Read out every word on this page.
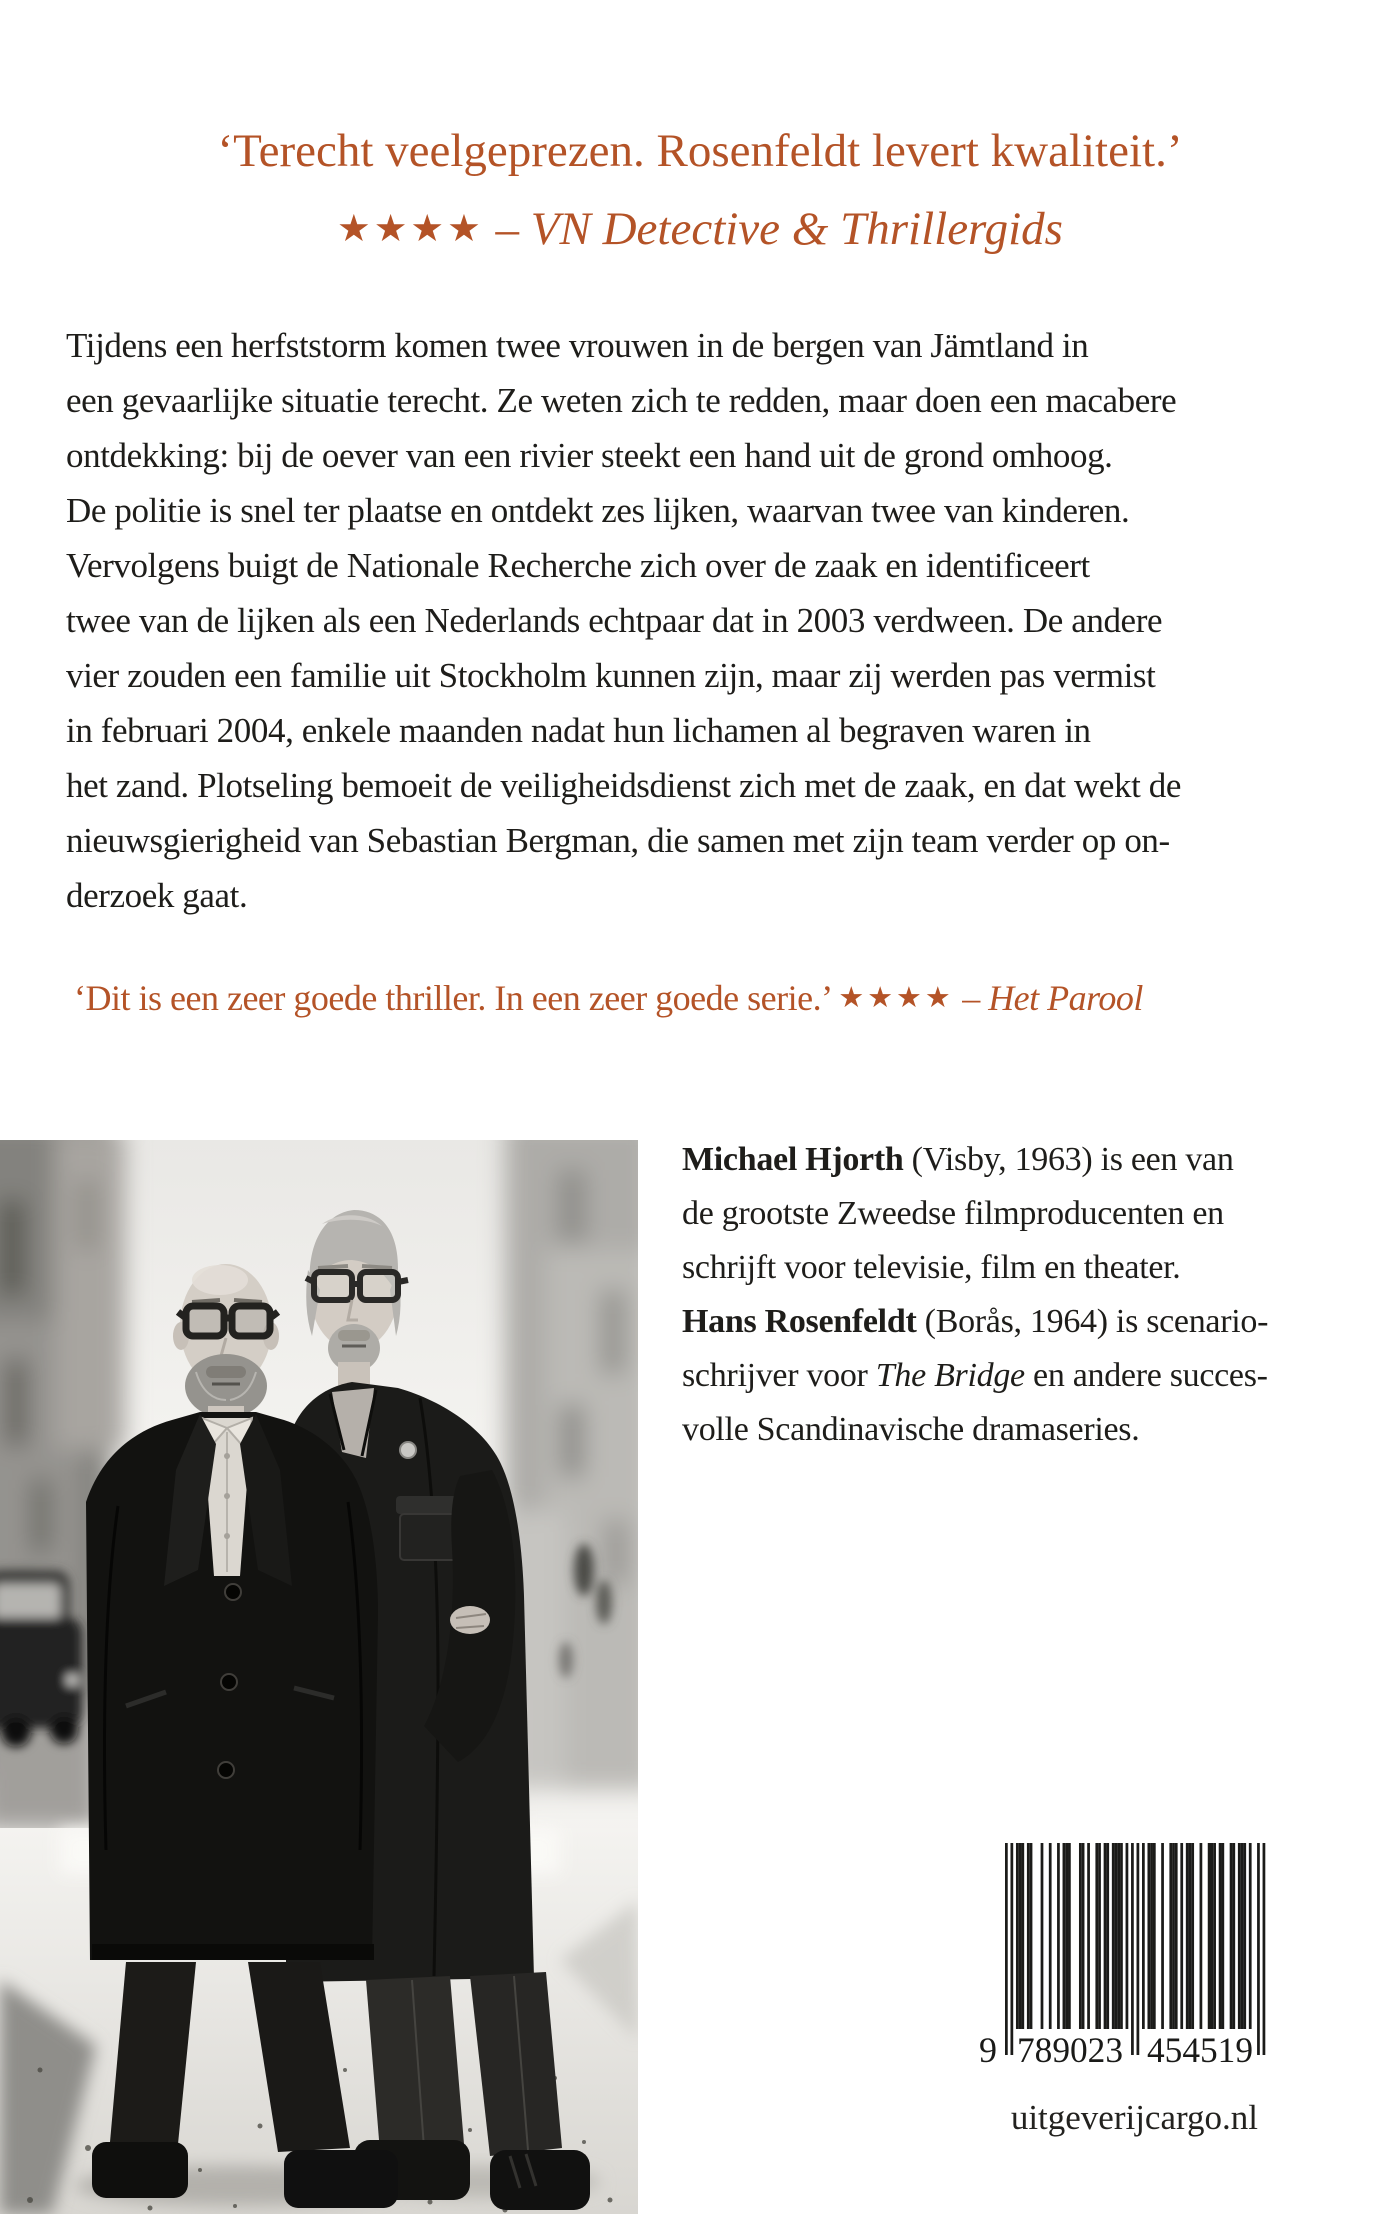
‘Terecht veelgeprezen. Rosenfeldt levert kwaliteit.’
★★★★ – VN Detective & Thrillergids
Tijdens een herfststorm komen twee vrouwen in de bergen van Jämtland in
een gevaarlijke situatie terecht. Ze weten zich te redden, maar doen een macabere
ontdekking: bij de oever van een rivier steekt een hand uit de grond omhoog.
De politie is snel ter plaatse en ontdekt zes lijken, waarvan twee van kinderen.
Vervolgens buigt de Nationale Recherche zich over de zaak en identificeert
twee van de lijken als een Nederlands echtpaar dat in 2003 verdween. De andere
vier zouden een familie uit Stockholm kunnen zijn, maar zij werden pas vermist
in februari 2004, enkele maanden nadat hun lichamen al begraven waren in
het zand. Plotseling bemoeit de veiligheidsdienst zich met de zaak, en dat wekt de
nieuwsgierigheid van Sebastian Bergman, die samen met zijn team verder op on-
derzoek gaat.
‘Dit is een zeer goede thriller. In een zeer goede serie.’ ★★★★ – Het Parool
Michael Hjorth (Visby, 1963) is een van
de grootste Zweedse filmproducenten en
schrijft voor televisie, film en theater.
Hans Rosenfeldt (Borås, 1964) is scenario-
schrijver voor The Bridge en andere succes-
volle Scandinavische dramaseries.
9 789023 454519
uitgeverijcargo.nl
